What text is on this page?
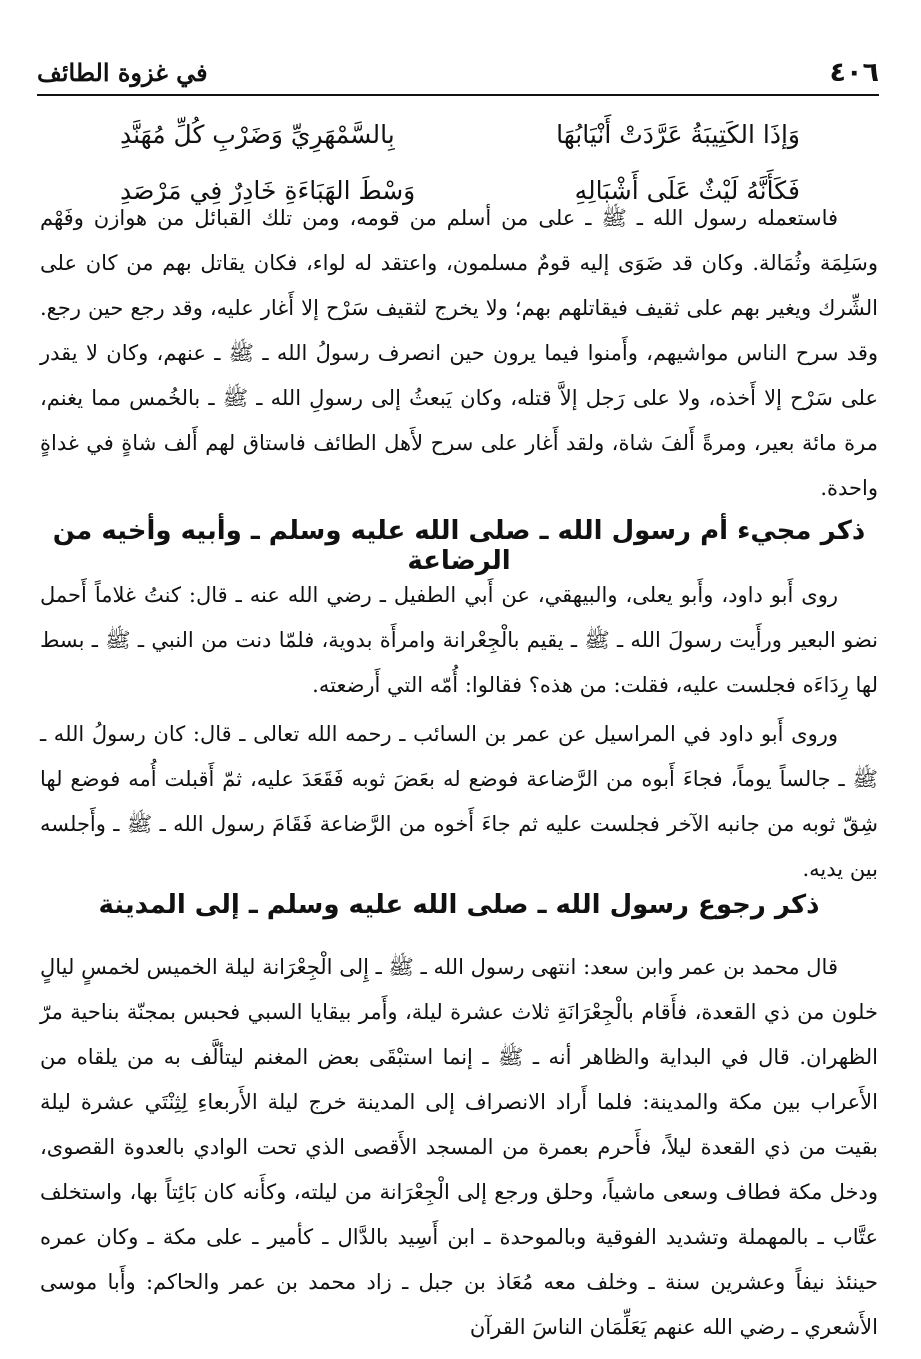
٤٠٦
في غزوة الطائف
وَإذَا الكَتِيبَةُ عَرَّدَتْ أَنْيَابُهَا
بِالسَّمْهَرِيِّ وَضَرْبِ كُلِّ مُهَنَّدِ
فَكَأَنَّهُ لَيْثٌ عَلَى أَشْبَالِهِ
وَسْطَ الهَبَاءَةِ خَادِرٌ فِي مَرْصَدِ

فاستعمله رسول الله ـ ﷺ ـ على من أسلم من قومه، ومن تلك القبائل من هوازن وفَهْم وسَلِمَة وثُمَالة. وكان قد ضَوَى إليه قومٌ مسلمون، واعتقد له لواء، فكان يقاتل بهم من كان على الشِّرك ويغير بهم على ثقيف فيقاتلهم بهم؛ ولا يخرج لثقيف سَرْح إلا أَغار عليه، وقد رجع حين رجع. وقد سرح الناس مواشيهم، وأَمنوا فيما يرون حين انصرف رسولُ الله ـ ﷺ ـ عنهم، وكان لا يقدر على سَرْح إلا أَخذه، ولا على رَجل إلاَّ قتله، وكان يَبعثُ إلى رسولِ الله ـ ﷺ ـ بالخُمس مما يغنم، مرة مائة بعير، ومرةً أَلفَ شاة، ولقد أَغار على سرح لأَهل الطائف فاستاق لهم أَلف شاةٍ في غداةٍ واحدة.

ذكر مجيء أم رسول الله ـ صلى الله عليه وسلم ـ وأبيه وأخيه من الرضاعة

روى أَبو داود، وأَبو يعلى، والبيهقي، عن أَبي الطفيل ـ رضي الله عنه ـ قال: كنتُ غلاماً أَحمل نضو البعير ورأَيت رسولَ الله ـ ﷺ ـ يقيم بالْجِعْرانة وامرأَة بدوية، فلمّا دنت من النبي ـ ﷺ ـ بسط لها رِدَاءَه فجلست عليه، فقلت: من هذه؟ فقالوا: أُمّه التي أَرضعته.

وروى أَبو داود في المراسيل عن عمر بن السائب ـ رحمه الله تعالى ـ قال: كان رسولُ الله ـ ﷺ ـ جالساً يوماً، فجاءَ أَبوه من الرَّضاعة فوضع له بعَضَ ثوبه فَقَعَدَ عليه، ثمّ أَقبلت أُمه فوضع لها شِقّ ثوبه من جانبه الآخر فجلست عليه ثم جاءَ أَخوه من الرَّضاعة فَقَامَ رسول الله ـ ﷺ ـ وأَجلسه بين يديه.

ذكر رجوع رسول الله ـ صلى الله عليه وسلم ـ إلى المدينة

قال محمد بن عمر وابن سعد: انتهى رسول الله ـ ﷺ ـ إِلى الْجِعْرَانة ليلة الخميس لخمسٍ ليالٍ خلون من ذي القعدة، فأَقام بالْجِعْرَانَةِ ثلاث عشرة ليلة، وأَمر بيقايا السبي فحبس بمجنّة بناحية مرّ الظهران. قال في البداية والظاهر أنه ـ ﷺ ـ إنما استبْقَى بعض المغنم ليتألَّف به من يلقاه من الأَعراب بين مكة والمدينة: فلما أَراد الانصراف إلى المدينة خرج ليلة الأَربعاءِ لِثِنْتَي عشرة ليلة بقيت من ذي القعدة ليلاً، فأَحرم بعمرة من المسجد الأَقصى الذي تحت الوادي بالعدوة القصوى، ودخل مكة فطاف وسعى ماشياً، وحلق ورجع إلى الْجِعْرَانة من ليلته، وكأَنه كان بَائِتاً بها، واستخلف عتَّاب ـ بالمهملة وتشديد الفوقية وبالموحدة ـ ابن أَسِيد بالدَّال ـ كأمير ـ على مكة ـ وكان عمره حينئذ نيفاً وعشرين سنة ـ وخلف معه مُعَاذ بن جبل ـ زاد محمد بن عمر والحاكم: وأَبا موسى الأَشعري ـ رضي الله عنهم يَعَلِّمَان الناسَ القرآن
